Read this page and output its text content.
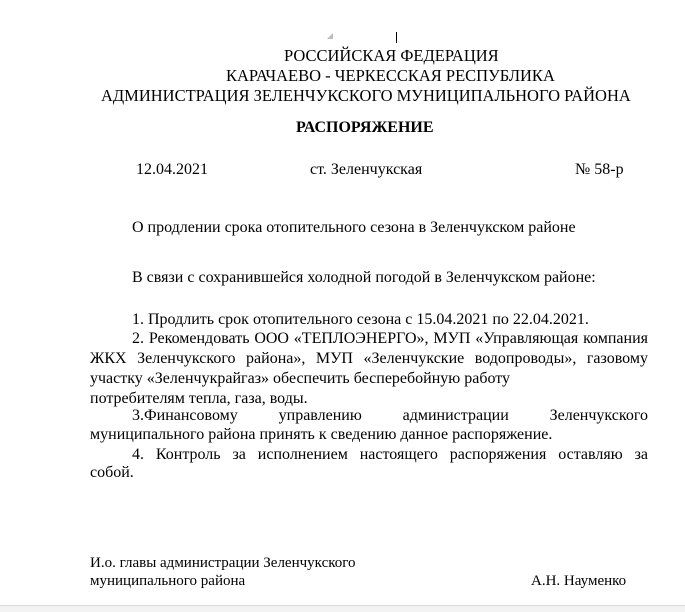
РОССИЙСКАЯ ФЕДЕРАЦИЯ
КАРАЧАЕВО - ЧЕРКЕССКАЯ РЕСПУБЛИКА
АДМИНИСТРАЦИЯ ЗЕЛЕНЧУКСКОГО МУНИЦИПАЛЬНОГО РАЙОНА
РАСПОРЯЖЕНИЕ
12.04.2021	ст. Зеленчукская	№ 58-р
О продлении срока отопительного сезона в Зеленчукском районе
В связи с сохранившейся холодной погодой в Зеленчукском районе:
1. Продлить срок отопительного сезона с 15.04.2021 по 22.04.2021.
2. Рекомендовать ООО «ТЕПЛОЭНЕРГО», МУП «Управляющая компания ЖКХ Зеленчукского района», МУП «Зеленчукские водопроводы», газовому участку «Зеленчукрайгаз» обеспечить бесперебойную работу
потребителям тепла, газа, воды.
3.Финансовому управлению администрации Зеленчукского
муниципального района принять к сведению данное распоряжение.
4. Контроль за исполнением настоящего распоряжения оставляю за
собой.
И.о. главы администрации Зеленчукского
муниципального района	А.Н. Науменко
